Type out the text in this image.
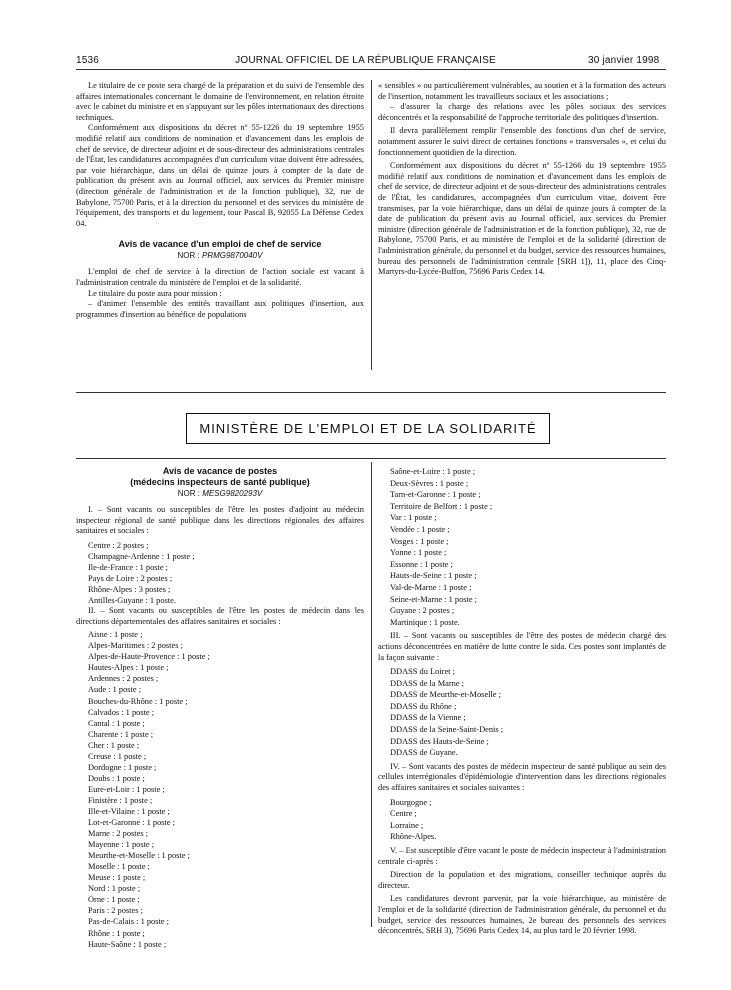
1536	JOURNAL OFFICIEL DE LA RÉPUBLIQUE FRANÇAISE	30 janvier 1998

Le titulaire de ce poste sera chargé de la préparation et du suivi de l'ensemble des affaires internationales concernant le domaine de l'environnement, en relation étroite avec le cabinet du ministre et en s'appuyant sur les pôles internationaux des directions techniques.

Conformément aux dispositions du décret nº 55-1226 du 19 septembre 1955 modifié relatif aux conditions de nomination et d'avancement dans les emplois de chef de service, de directeur adjoint et de sous-directeur des administrations centrales de l'État, les candidatures accompagnées d'un curriculum vitae doivent être adressées, par voie hiérarchique, dans un délai de quinze jours à compter de la date de publication du présent avis au Journal officiel, aux services du Premier ministre (direction générale de l'administration et de la fonction publique), 32, rue de Babylone, 75700 Paris, et à la direction du personnel et des services du ministère de l'équipement, des transports et du logement, tour Pascal B, 92055 La Défense Cedex 04.

Avis de vacance d'un emploi de chef de service

NOR : PRMG9870040V

L'emploi de chef de service à la direction de l'action sociale est vacant à l'administration centrale du ministère de l'emploi et de la solidarité.

Le titulaire du poste aura pour mission :

– d'animer l'ensemble des entités travaillant aux politiques d'insertion, aux programmes d'insertion au bénéfice de populations

« sensibles » ou particulièrement vulnérables, au soutien et à la formation des acteurs de l'insertion, notamment les travailleurs sociaux et les associations ;

– d'assurer la charge des relations avec les pôles sociaux des services déconcentrés et la responsabilité de l'approche territoriale des politiques d'insertion.

Il devra parallèlement remplir l'ensemble des fonctions d'un chef de service, notamment assurer le suivi direct de certaines fonctions « transversales », et celui du fonctionnement quotidien de la direction.

Conformément aux dispositions du décret nº 55-1266 du 19 septembre 1955 modifié relatif aux conditions de nomination et d'avancement dans les emplois de chef de service, de directeur adjoint et de sous-directeur des administrations centrales de l'État, les candidatures, accompagnées d'un curriculum vitae, doivent être transmises, par la voie hiérarchique, dans un délai de quinze jours à compter de la date de publication du présent avis au Journal officiel, aux services du Premier ministre (direction générale de l'administration et de la fonction publique), 32, rue de Babylone, 75700 Paris, et au ministère de l'emploi et de la solidarité (direction de l'administration générale, du personnel et du budget, service des ressources humaines, bureau des personnels de l'administration centrale [SRH 1]), 11, place des Cinq-Martyrs-du-Lycée-Buffon, 75696 Paris Cedex 14.

MINISTÈRE DE L'EMPLOI ET DE LA SOLIDARITÉ

Avis de vacance de postes

(médecins inspecteurs de santé publique)

NOR : MESG9820293V

I. – Sont vacants ou susceptibles de l'être les postes d'adjoint au médecin inspecteur régional de santé publique dans les directions régionales des affaires sanitaires et sociales :

Centre : 2 postes ;
Champagne-Ardenne : 1 poste ;
Ile-de-France : 1 poste ;
Pays de Loire : 2 postes ;
Rhône-Alpes : 3 postes ;
Antilles-Guyane : 1 poste.

II. – Sont vacants ou susceptibles de l'être les postes de médecin dans les directions départementales des affaires sanitaires et sociales :

Aisne : 1 poste ;
Alpes-Maritimes : 2 postes ;
Alpes-de-Haute-Provence : 1 poste ;
Hautes-Alpes : 1 poste ;
Ardennes : 2 postes ;
Aude : 1 poste ;
Bouches-du-Rhône : 1 poste ;
Calvados : 1 poste ;
Cantal : 1 poste ;
Charente : 1 poste ;
Cher : 1 poste ;
Creuse : 1 poste ;
Dordogne : 1 poste ;
Doubs : 1 poste ;
Eure-et-Loir : 1 poste ;
Finistère : 1 poste ;
Ille-et-Vilaine : 1 poste ;
Lot-et-Garonne : 1 poste ;
Marne : 2 postes ;
Mayenne : 1 poste ;
Meurthe-et-Moselle : 1 poste ;
Moselle : 1 poste ;
Meuse : 1 poste ;
Nord : 1 poste ;
Orne : 1 poste ;
Paris : 2 postes ;
Pas-de-Calais : 1 poste ;
Rhône : 1 poste ;
Haute-Saône : 1 poste ;
Saône-et-Loire : 1 poste ;
Deux-Sèvres : 1 poste ;
Tarn-et-Garonne : 1 poste ;
Territoire de Belfort : 1 poste ;
Var : 1 poste ;
Vendée : 1 poste ;
Vosges : 1 poste ;
Yonne : 1 poste ;
Essonne : 1 poste ;
Hauts-de-Seine : 1 poste ;
Val-de-Marne : 1 poste ;
Seine-et-Marne : 1 poste ;
Guyane : 2 postes ;
Martinique : 1 poste.

III. – Sont vacants ou susceptibles de l'être des postes de médecin chargé des actions déconcentrées en matière de lutte contre le sida. Ces postes sont implantés de la façon suivante :

DDASS du Loiret ;
DDASS de la Marne ;
DDASS de Meurthe-et-Moselle ;
DDASS du Rhône ;
DDASS de la Vienne ;
DDASS de la Seine-Saint-Denis ;
DDASS des Hauts-de-Seine ;
DDASS de Guyane.

IV. – Sont vacants des postes de médecin inspecteur de santé publique au sein des cellules interrégionales d'épidémiologie d'intervention dans les directions régionales des affaires sanitaires et sociales suivantes :

Bourgogne ;
Centre ;
Lorraine ;
Rhône-Alpes.

V. – Est susceptible d'être vacant le poste de médecin inspecteur à l'administration centrale ci-après :

Direction de la population et des migrations, conseiller technique auprès du directeur.

Les candidatures devront parvenir, par la voie hiérarchique, au ministère de l'emploi et de la solidarité (direction de l'administration générale, du personnel et du budget, service des ressources humaines, 2e bureau des personnels des services déconcentrés, SRH 3), 75696 Paris Cedex 14, au plus tard le 20 février 1998.
